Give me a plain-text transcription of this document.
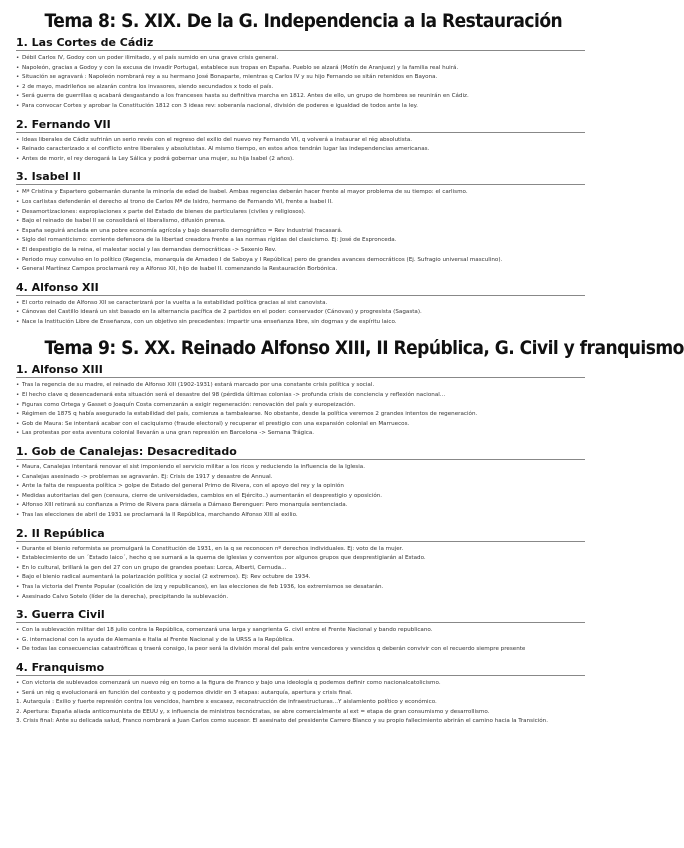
Tema 8: S. XIX. De la G. Independencia a la Restauración
1. Las Cortes de Cádiz
• Débil Carlos IV, Godoy con un poder ilimitado, y el país sumido en una grave crisis general.
• Napoleón, gracias a Godoy y con la excusa de invadir Portugal, establece sus tropas en España. Pueblo se alzará (Motín de Aranjuez) y la familia real huirá.
• Situación se agravará : Napoleón nombrará rey a su hermano José Bonaparte, mientras q Carlos IV y su hijo Fernando se sitán retenidos en Bayona.
• 2 de mayo, madrileños se alzarán contra los invasores, siendo secundados x todo el país.
• Será guerra de guerrillas q acabará desgastando a los franceses hasta su definitiva marcha en 1812. Antes de ello, un grupo de hombres se reunirán en Cádiz.
• Para convocar Cortes y aprobar la Constitución 1812 con 3 ideas rev: soberanía nacional, división de poderes e igualdad de todos ante la ley.
2. Fernando VII
• Ideas liberales de Cádiz sufrirán un serio revés con el regreso del exilio del nuevo rey Fernando VII, q volverá a instaurar el rég absolutista.
• Reinado caracterizado x el conflicto entre liberales y absolutistas. Al mismo tiempo, en estos años tendrán lugar las independencias americanas.
• Antes de morir, el rey derogará la Ley Sálica y podrá gobernar una mujer, su hija Isabel (2 años).
3. Isabel II
• Mª Cristina y Espartero gobernarán durante la minoría de edad de Isabel. Ambas regencias deberán hacer frente al mayor problema de su tiempo: el carlismo.
• Los carlistas defenderán el derecho al trono de Carlos Mª de Isidro, hermano de Fernando VII, frente a Isabel II.
• Desamortizaciones: expropiaciones x parte del Estado de bienes de particulares (civiles y religiosos).
• Bajo el reinado de Isabel II se consolidará el liberalismo, difusión prensa.
• España seguirá anclada en una pobre economía agrícola y bajo desarrollo demográfico = Rev Industrial fracasará.
• Siglo del romanticismo: corriente defensora de la libertad creadora frente a las normas rígidas del clasicismo. Ej: José de Espronceda.
• El despestigio de la reina, el malestar social y las demandas democráticas -> Sexenio Rev.
• Periodo muy convulso en lo político (Regencia, monarquía de Amadeo I de Saboya y I República) pero de grandes avances democráticos (Ej. Sufragio universal masculino).
• General Martínez Campos proclamará rey a Alfonso XII, hijo de Isabel II. comenzando la Restauración Borbónica.
4. Alfonso XII
• El corto reinado de Alfonso XII se caracterizará por la vuelta a la estabilidad política gracias al sist canovista.
• Cánovas del Castillo ideará un sist basado en la alternancia pacífica de 2 partidos en el poder: conservador (Cánovas) y progresista (Sagasta).
• Nace la Institución Libre de Enseñanza, con un objetivo sin precedentes: impartir una enseñanza libre, sin dogmas y de espíritu laico.
Tema 9: S. XX. Reinado Alfonso XIII, II República, G. Civil y franquismo
1. Alfonso XIII
• Tras la regencia de su madre, el reinado de Alfonso XIII (1902-1931) estará marcado por una constante crisis política y social.
• El hecho clave q desencadenará esta situación será el desastre del 98 (pérdida últimas colonias -> profunda crisis de conciencia y reflexión nacional...
• Figuras como Ortega y Gasset o Joaquín Costa comenzarán a exigir regeneración: renovación del país y europeización.
• Régimen de 1875 q había asegurado la estabilidad del país, comienza a tambalearse. No obstante, desde la política veremos 2 grandes intentos de regeneración.
• Gob de Maura: Se intentará acabar con el caciquismo (fraude electoral) y recuperar el prestigio con una expansión colonial en Marruecos.
• Las protestas por esta aventura colonial llevarán a una gran represión en Barcelona -> Semana Trágica.
1. Gob de Canalejas: Desacreditado
• Maura, Canalejas intentará renovar el sist imponiendo el servicio militar a los ricos y reduciendo la influencia de la Iglesia.
• Canalejas asesinado -> problemas se agravarán. Ej: Crisis de 1917 y desastre de Annual.
• Ante la falta de respuesta política > golpe de Estado del general Primo de Rivera, con el apoyo del rey y la opinión
• Medidas autoritarias del gen (censura, cierre de universidades, cambios en el Ejército..) aumentarán el desprestigio y oposición.
• Alfonso XIII retirará su confianza a Primo de Rivera para dársela a Dámaso Berenguer: Pero monarquía sentenciada.
• Tras las elecciones de abril de 1931 se proclamará la II República, marchando Alfonso XIII al exilio.
2. II República
• Durante el bienio reformista se promulgará la Constitución de 1931, en la q se reconocen nº derechos individuales. Ej: voto de la mujer.
• Establecimiento de un ´Estado laico´, hecho q se sumará a la quema de iglesias y conventos por algunos grupos que desprestigiarán al Estado.
• En lo cultural, brillará la gen del 27 con un grupo de grandes poetas: Lorca, Alberti, Cernuda...
• Bajo el bienio radical aumentará la polarización política y social (2 extremos). Ej: Rev octubre de 1934.
• Tras la victoria del Frente Popular (coalición de izq y republicanos), en las elecciones de feb 1936, los extremismos se desatarán.
• Asesinado Calvo Sotelo (líder de la derecha), precipitando la sublevación.
3. Guerra Civil
• Con la sublevación militar del 18 julio contra la República, comenzará una larga y sangrienta G. civil entre el Frente Nacional y bando republicano.
• G. internacional con la ayuda de Alemania e Italia al Frente Nacional y de la URSS a la República.
• De todas las consecuencias catastróficas q traerá consigo, la peor será la división moral del país entre vencedores y vencidos q deberán convivir con el recuerdo siempre presente
4. Franquismo
• Con victoria de sublevados comenzará un nuevo rég en torno a la figura de Franco y bajo una ideología q podemos definir como nacionalcatolicismo.
• Será un rég q evolucionará en función del contexto y q podemos dividir en 3 etapas: autarquía, apertura y crisis final.
1. Autarquía : Exilio y fuerte represión contra los vencidos, hambre x escasez, reconstrucción de infraestructuras...Y aislamiento político y económico.
2. Apertura: España aliada anticomunista de EEUU y, x influencia de ministros tecnócratas, se abre comercialmente al ext = etapa de gran consumismo y desarrollismo.
3. Crisis final: Ante su delicada salud, Franco nombrará a Juan Carlos como sucesor. El asesinato del presidente Carrero Blanco y su propio fallecimiento abrirán el camino hacia la Transición.
